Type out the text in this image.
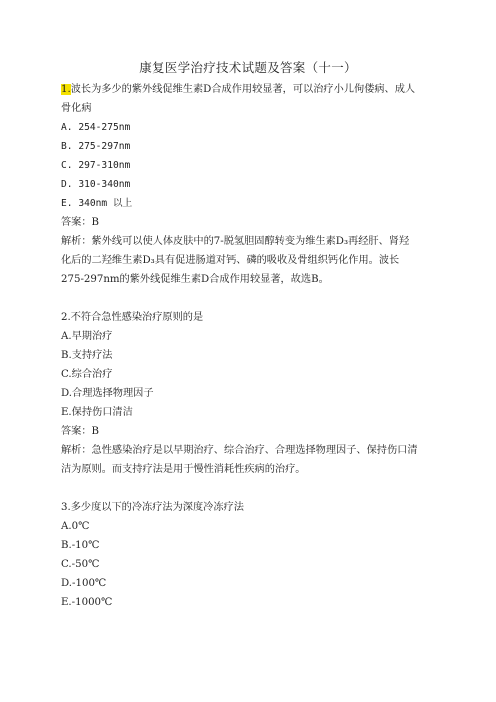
康复医学治疗技术试题及答案（十一）
1.波长为多少的紫外线促维生素D合成作用较显著，可以治疗小儿佝偻病、成人
骨化病
A. 254-275nm
B. 275-297nm
C. 297-310nm
D. 310-340nm
E. 340nm 以上
答案：B
解析：紫外线可以使人体皮肤中的7-脱氢胆固醇转变为维生素D₃再经肝、肾羟
化后的二羟维生素D₃具有促进肠道对钙、磷的吸收及骨组织钙化作用。波长
275-297nm的紫外线促维生素D合成作用较显著，故选B。
2.不符合急性感染治疗原则的是
A.早期治疗
B.支持疗法
C.综合治疗
D.合理选择物理因子
E.保持伤口清洁
答案：B
解析：急性感染治疗是以早期治疗、综合治疗、合理选择物理因子、保持伤口清
洁为原则。而支持疗法是用于慢性消耗性疾病的治疗。
3.多少度以下的冷冻疗法为深度冷冻疗法
A.0℃
B.-10℃
C.-50℃
D.-100℃
E.-1000℃
